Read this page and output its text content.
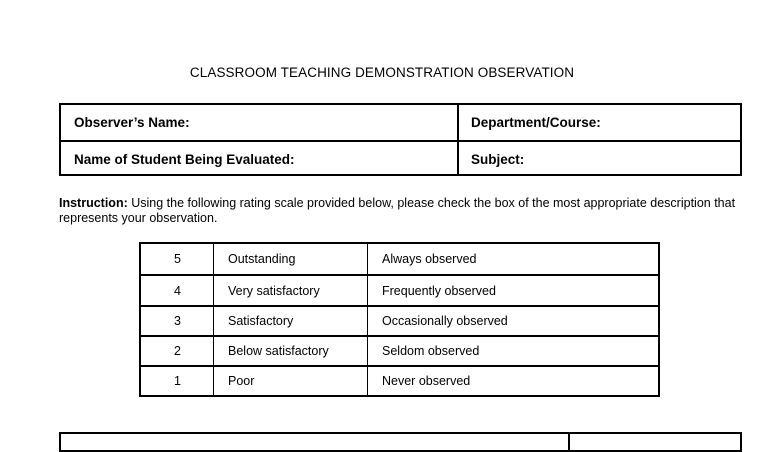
CLASSROOM TEACHING DEMONSTRATION OBSERVATION
Observer’s Name:	Department/Course:
Name of Student Being Evaluated:	Subject:
Instruction: Using the following rating scale provided below, please check the box of the most appropriate description that represents your observation.
5	Outstanding	Always observed
4	Very satisfactory	Frequently observed
3	Satisfactory	Occasionally observed
2	Below satisfactory	Seldom observed
1	Poor	Never observed
